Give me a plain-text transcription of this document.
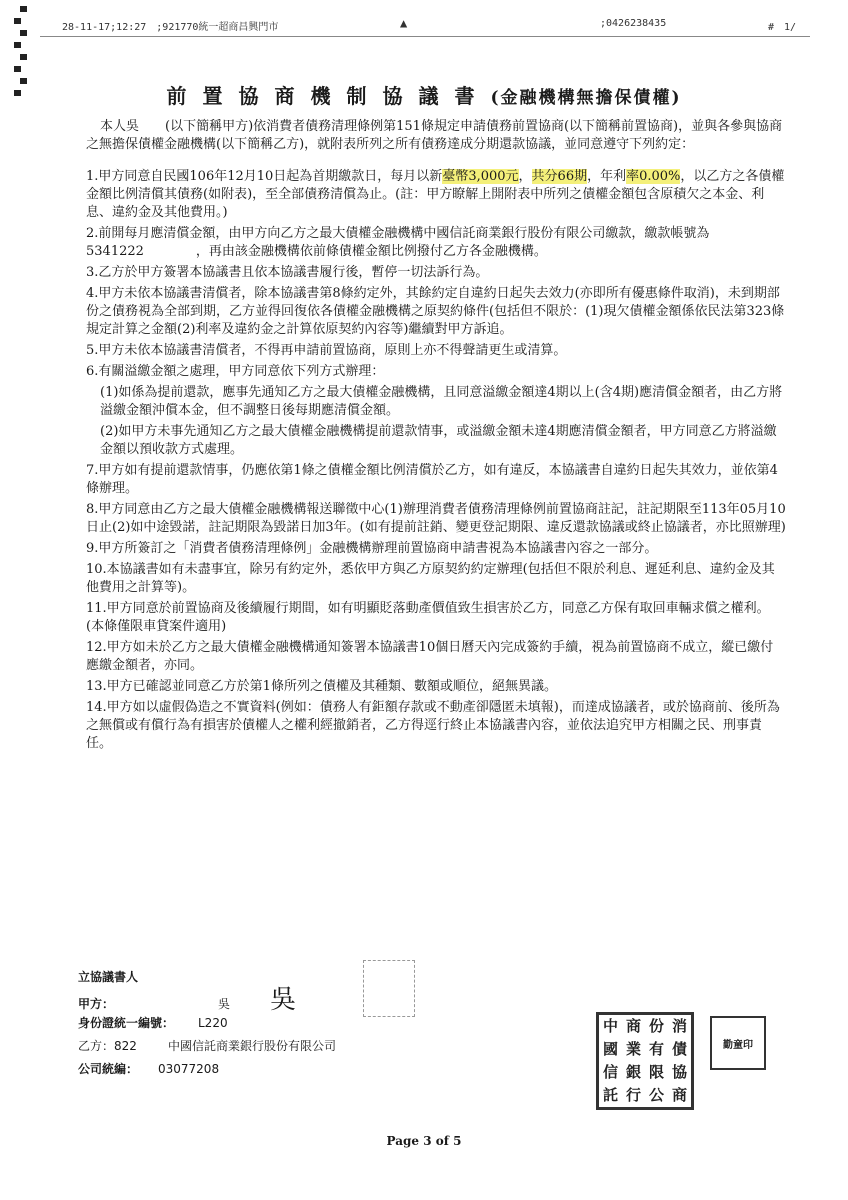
28-11-17;12:27　;921770統一超商昌興門市	▲	;0426238435	#　1/
前置協商機制協議書(金融機構無擔保債權)
本人吳　　(以下簡稱甲方)依消費者債務清理條例第151條規定申請債務前置協商(以下簡稱前置協商)，並與各參與協商之無擔保債權金融機構(以下簡稱乙方)，就附表所列之所有債務達成分期還款協議，並同意遵守下列約定：
1.甲方同意自民國106年12月10日起為首期繳款日，每月以新臺幣3,000元，共分66期，年利率0.00%，以乙方之各債權金額比例清償其債務(如附表)，至全部債務清償為止。(註：甲方瞭解上開附表中所列之債權金額包含原積欠之本金、利息、違約金及其他費用。)
2.前開每月應清償金額，由甲方向乙方之最大債權金融機構中國信託商業銀行股份有限公司繳款，繳款帳號為5341222　　　　，再由該金融機構依前條債權金額比例撥付乙方各金融機構。
3.乙方於甲方簽署本協議書且依本協議書履行後，暫停一切法訴行為。
4.甲方未依本協議書清償者，除本協議書第8條約定外，其餘約定自違約日起失去效力(亦即所有優惠條件取消)，未到期部份之債務視為全部到期，乙方並得回復依各債權金融機構之原契約條件(包括但不限於：(1)現欠債權金額係依民法第323條規定計算之金額(2)利率及違約金之計算依原契約內容等)繼續對甲方訴追。
5.甲方未依本協議書清償者，不得再申請前置協商，原則上亦不得聲請更生或清算。
6.有關溢繳金額之處理，甲方同意依下列方式辦理：
(1)如係為提前還款，應事先通知乙方之最大債權金融機構，且同意溢繳金額達4期以上(含4期)應清償金額者，由乙方將溢繳金額沖償本金，但不調整日後每期應清償金額。
(2)如甲方未事先通知乙方之最大債權金融機構提前還款情事，或溢繳金額未達4期應清償金額者，甲方同意乙方將溢繳金額以預收款方式處理。
7.甲方如有提前還款情事，仍應依第1條之債權金額比例清償於乙方，如有違反，本協議書自違約日起失其效力，並依第4條辦理。
8.甲方同意由乙方之最大債權金融機構報送聯徵中心(1)辦理消費者債務清理條例前置協商註記，註記期限至113年05月10日止(2)如中途毀諾，註記期限為毀諾日加3年。(如有提前註銷、變更登記期限、違反還款協議或終止協議者，亦比照辦理)
9.甲方所簽訂之「消費者債務清理條例」金融機構辦理前置協商申請書視為本協議書內容之一部分。
10.本協議書如有未盡事宜，除另有約定外，悉依甲方與乙方原契約約定辦理(包括但不限於利息、遲延利息、違約金及其他費用之計算等)。
11.甲方同意於前置協商及後續履行期間，如有明顯貶落動產價值致生損害於乙方，同意乙方保有取回車輛求償之權利。(本條僅限車貸案件適用)
12.甲方如未於乙方之最大債權金融機構通知簽署本協議書10個日曆天內完成簽約手續，視為前置協商不成立，縱已繳付應繳金額者，亦同。
13.甲方已確認並同意乙方於第1條所列之債權及其種類、數額或順位，絕無異議。
14.甲方如以虛假偽造之不實資料(例如：債務人有鉅額存款或不動產卻隱匿未填報)，而達成協議者，或於協商前、後所為之無償或有償行為有損害於債權人之權利經撤銷者，乙方得逕行終止本協議書內容，並依法追究甲方相關之民、刑事責任。
立協議書人
甲方：	吳 吳
身份證統一編號： L220
乙方：822	中國信託商業銀行股份有限公司
公司統編： 03077208
中 商 份 消
國 業 有 債
信 銀 限 協
託 行 公 商
勤童印
Page 3 of 5
